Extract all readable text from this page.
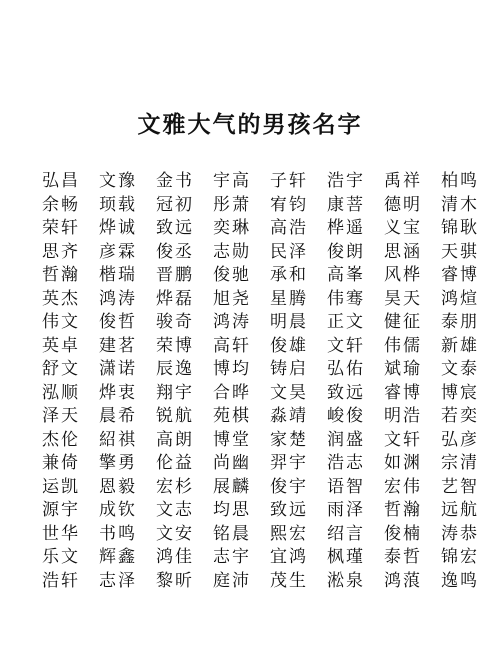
文雅大气的男孩名字
弘昌	文豫	金书	宇高	子轩	浩宇	禹祥	柏鸣
余畅	顼载	冠初	彤萧	宥钧	康菩	德明	清木
荣轩	烨诚	致远	奕琳	高浩	桦遥	义宝	锦耿
思齐	彦霖	俊丞	志勋	民泽	俊朗	思涵	天骐
哲瀚	楷瑞	晋鹏	俊驰	承和	高峯	风桦	睿博
英杰	鸿涛	烨磊	旭尧	星腾	伟骞	昊天	鸿煊
伟文	俊哲	骏奇	鸿涛	明晨	正文	健征	泰朋
英卓	建茗	荣博	高轩	俊雄	文轩	伟儒	新雄
舒文	潇诺	辰逸	博均	铸启	弘佑	斌瑜	文泰
泓顺	烨衷	翔宇	合晔	文昊	致远	睿博	博宸
泽天	晨希	锐航	苑棋	淼靖	峻俊	明浩	若奕
杰伦	紹祺	高朗	博堂	家楚	润盛	文轩	弘彦
兼倚	擎勇	伦益	尚幽	羿宇	浩志	如渊	宗清
运凯	恩毅	宏杉	展麟	俊宇	语智	宏伟	艺智
源宇	成钦	文志	均思	致远	雨泽	哲瀚	远航
世华	书鸣	文安	铭晨	熙宏	绍言	俊楠	涛恭
乐文	辉鑫	鸿佳	志宇	宜鸿	枫瑾	泰哲	锦宏
浩轩	志泽	黎昕	庭沛	茂生	淞泉	鸿蒗	逸鸣
